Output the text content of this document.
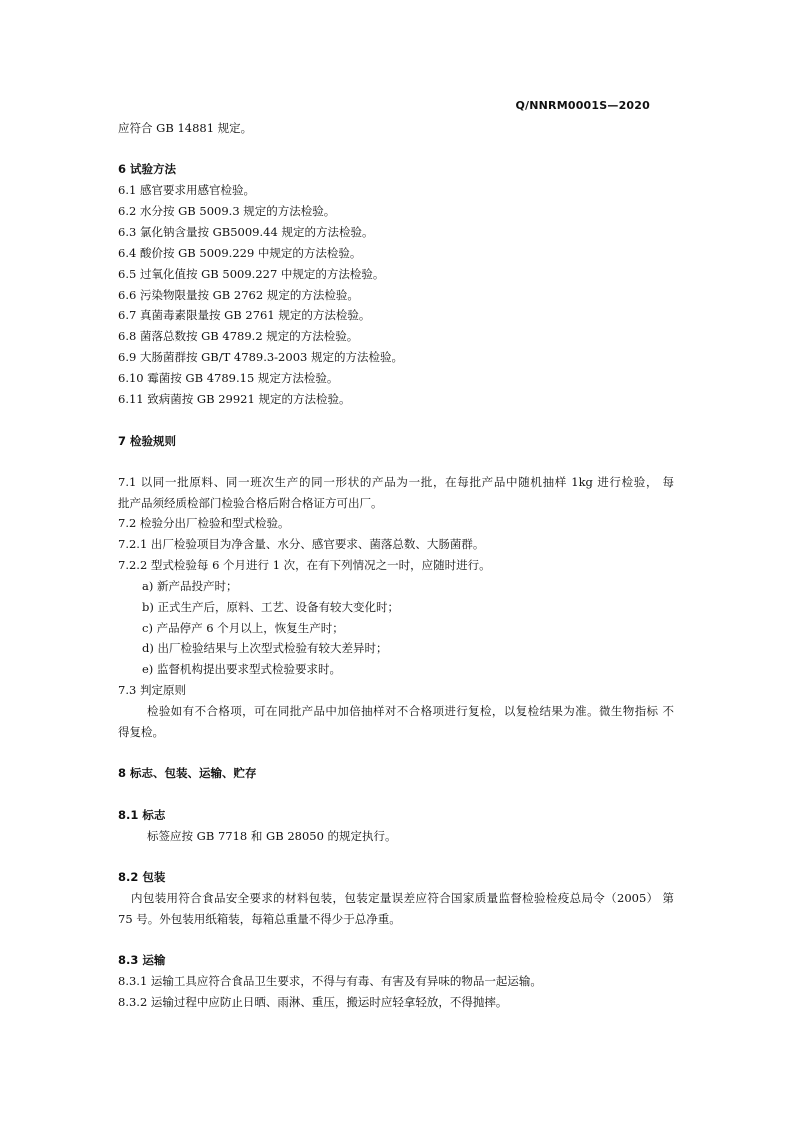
Q/NNRM0001S—2020
应符合 GB 14881 规定。
6 试验方法
6.1 感官要求用感官检验。
6.2 水分按 GB 5009.3 规定的方法检验。
6.3 氯化钠含量按 GB5009.44 规定的方法检验。
6.4 酸价按 GB 5009.229 中规定的方法检验。
6.5 过氧化值按 GB 5009.227 中规定的方法检验。
6.6 污染物限量按 GB 2762 规定的方法检验。
6.7 真菌毒素限量按 GB 2761 规定的方法检验。
6.8 菌落总数按 GB 4789.2 规定的方法检验。
6.9 大肠菌群按 GB/T 4789.3-2003 规定的方法检验。
6.10 霉菌按 GB 4789.15 规定方法检验。
6.11 致病菌按 GB 29921 规定的方法检验。
7 检验规则
7.1 以同一批原料、同一班次生产的同一形状的产品为一批，在每批产品中随机抽样 1kg 进行检验， 每
批产品须经质检部门检验合格后附合格证方可出厂。
7.2 检验分出厂检验和型式检验。
7.2.1 出厂检验项目为净含量、水分、感官要求、菌落总数、大肠菌群。
7.2.2 型式检验每 6 个月进行 1 次，在有下列情况之一时，应随时进行。
a) 新产品投产时；
b) 正式生产后，原料、工艺、设备有较大变化时；
c) 产品停产 6 个月以上，恢复生产时；
d) 出厂检验结果与上次型式检验有较大差异时；
e) 监督机构提出要求型式检验要求时。
7.3 判定原则
检验如有不合格项，可在同批产品中加倍抽样对不合格项进行复检，以复检结果为准。微生物指标 不
得复检。
8 标志、包装、运输、贮存
8.1 标志
标签应按 GB 7718 和 GB 28050 的规定执行。
8.2 包装
内包装用符合食品安全要求的材料包装，包装定量误差应符合国家质量监督检验检疫总局令（2005） 第
75 号。外包装用纸箱装，每箱总重量不得少于总净重。
8.3 运输
8.3.1 运输工具应符合食品卫生要求，不得与有毒、有害及有异味的物品一起运输。
8.3.2 运输过程中应防止日晒、雨淋、重压，搬运时应轻拿轻放，不得抛摔。
